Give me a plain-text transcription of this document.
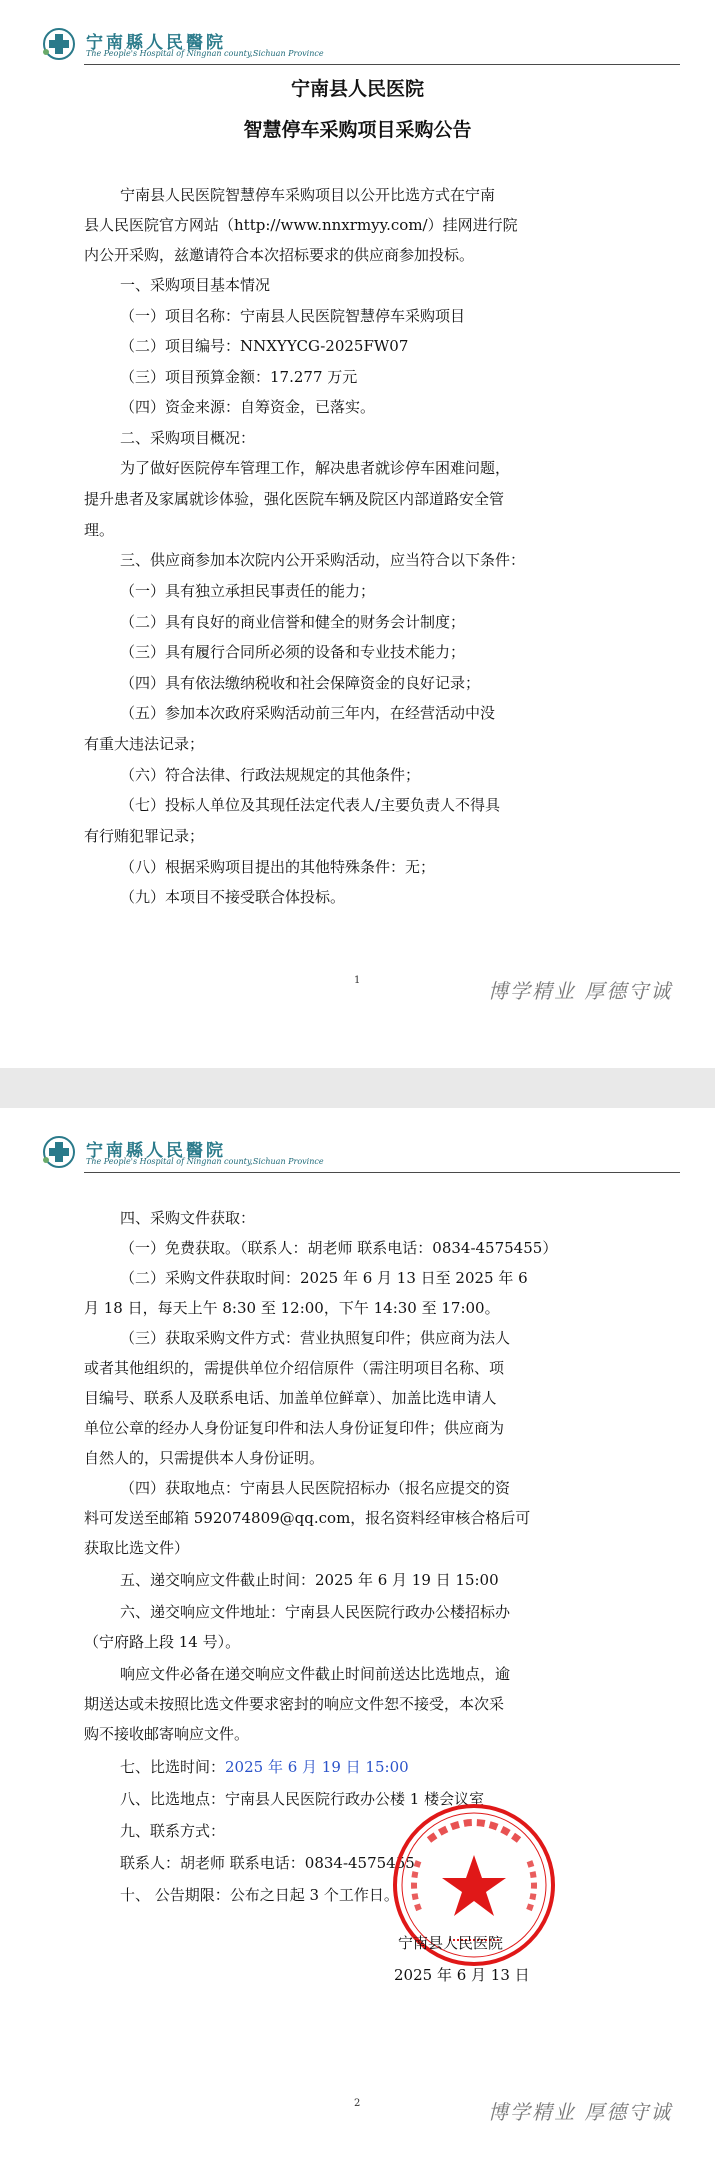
宁南縣人民醫院
The People's Hospital of Ningnan county,Sichuan Province
宁南县人民医院
智慧停车采购项目采购公告
宁南县人民医院智慧停车采购项目以公开比选方式在宁南
县人民医院官方网站（http://www.nnxrmyy.com/）挂网进行院
内公开采购，兹邀请符合本次招标要求的供应商参加投标。
一、采购项目基本情况
（一）项目名称：宁南县人民医院智慧停车采购项目
（二）项目编号：NNXYYCG-2025FW07
（三）项目预算金额：17.277 万元
（四）资金来源：自筹资金，已落实。
二、采购项目概况：
为了做好医院停车管理工作，解决患者就诊停车困难问题，
提升患者及家属就诊体验，强化医院车辆及院区内部道路安全管
理。
三、供应商参加本次院内公开采购活动，应当符合以下条件：
（一）具有独立承担民事责任的能力；
（二）具有良好的商业信誉和健全的财务会计制度；
（三）具有履行合同所必须的设备和专业技术能力；
（四）具有依法缴纳税收和社会保障资金的良好记录；
（五）参加本次政府采购活动前三年内，在经营活动中没
有重大违法记录；
（六）符合法律、行政法规规定的其他条件；
（七）投标人单位及其现任法定代表人/主要负责人不得具
有行贿犯罪记录；
（八）根据采购项目提出的其他特殊条件：无；
（九）本项目不接受联合体投标。
1	博学精业 厚德守诚
宁南縣人民醫院
The People's Hospital of Ningnan county,Sichuan Province
四、采购文件获取：
（一）免费获取。（联系人：胡老师 联系电话：0834-4575455）
（二）采购文件获取时间：2025 年 6 月 13 日至 2025 年 6
月 18 日，每天上午 8:30 至 12:00，下午 14:30 至 17:00。
（三）获取采购文件方式：营业执照复印件；供应商为法人
或者其他组织的，需提供单位介绍信原件（需注明项目名称、项
目编号、联系人及联系电话、加盖单位鲜章）、加盖比选申请人
单位公章的经办人身份证复印件和法人身份证复印件；供应商为
自然人的，只需提供本人身份证明。
（四）获取地点：宁南县人民医院招标办（报名应提交的资
料可发送至邮箱 592074809@qq.com，报名资料经审核合格后可
获取比选文件）
五、递交响应文件截止时间：2025 年 6 月 19 日 15:00
六、递交响应文件地址：宁南县人民医院行政办公楼招标办
（宁府路上段 14 号）。
响应文件必备在递交响应文件截止时间前送达比选地点，逾
期送达或未按照比选文件要求密封的响应文件恕不接受，本次采
购不接收邮寄响应文件。
七、比选时间：2025 年 6 月 19 日 15:00
八、比选地点：宁南县人民医院行政办公楼 1 楼会议室
九、联系方式：
联系人：胡老师 联系电话：0834-4575455
十、 公告期限：公布之日起 3 个工作日。
宁南县人民医院
2025 年 6 月 13 日
2	博学精业 厚德守诚
